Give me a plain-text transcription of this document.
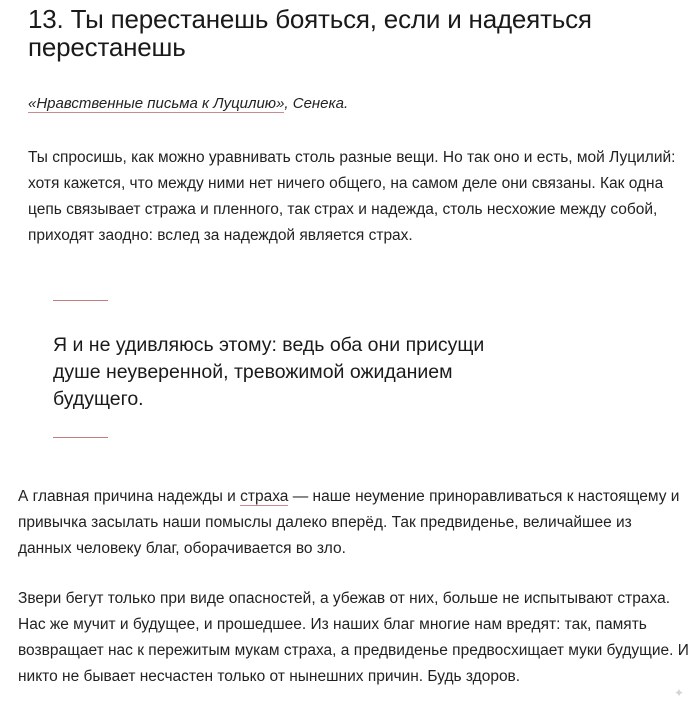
13. Ты перестанешь бояться, если и надеяться перестанешь

«Нравственные письма к Луцилию», Сенека.

Ты спросишь, как можно уравнивать столь разные вещи. Но так оно и есть, мой Луцилий: хотя кажется, что между ними нет ничего общего, на самом деле они связаны. Как одна цепь связывает стража и пленного, так страх и надежда, столь несхожие между собой, приходят заодно: вслед за надеждой является страх.

Я и не удивляюсь этому: ведь оба они присущи душе неуверенной, тревожимой ожиданием будущего.

А главная причина надежды и страха — наше неумение приноравливаться к настоящему и привычка засылать наши помыслы далеко вперёд. Так предвиденье, величайшее из данных человеку благ, оборачивается во зло.

Звери бегут только при виде опасностей, а убежав от них, больше не испытывают страха. Нас же мучит и будущее, и прошедшее. Из наших благ многие нам вредят: так, память возвращает нас к пережитым мукам страха, а предвиденье предвосхищает муки будущие. И никто не бывает несчастен только от нынешних причин. Будь здоров.

✦
